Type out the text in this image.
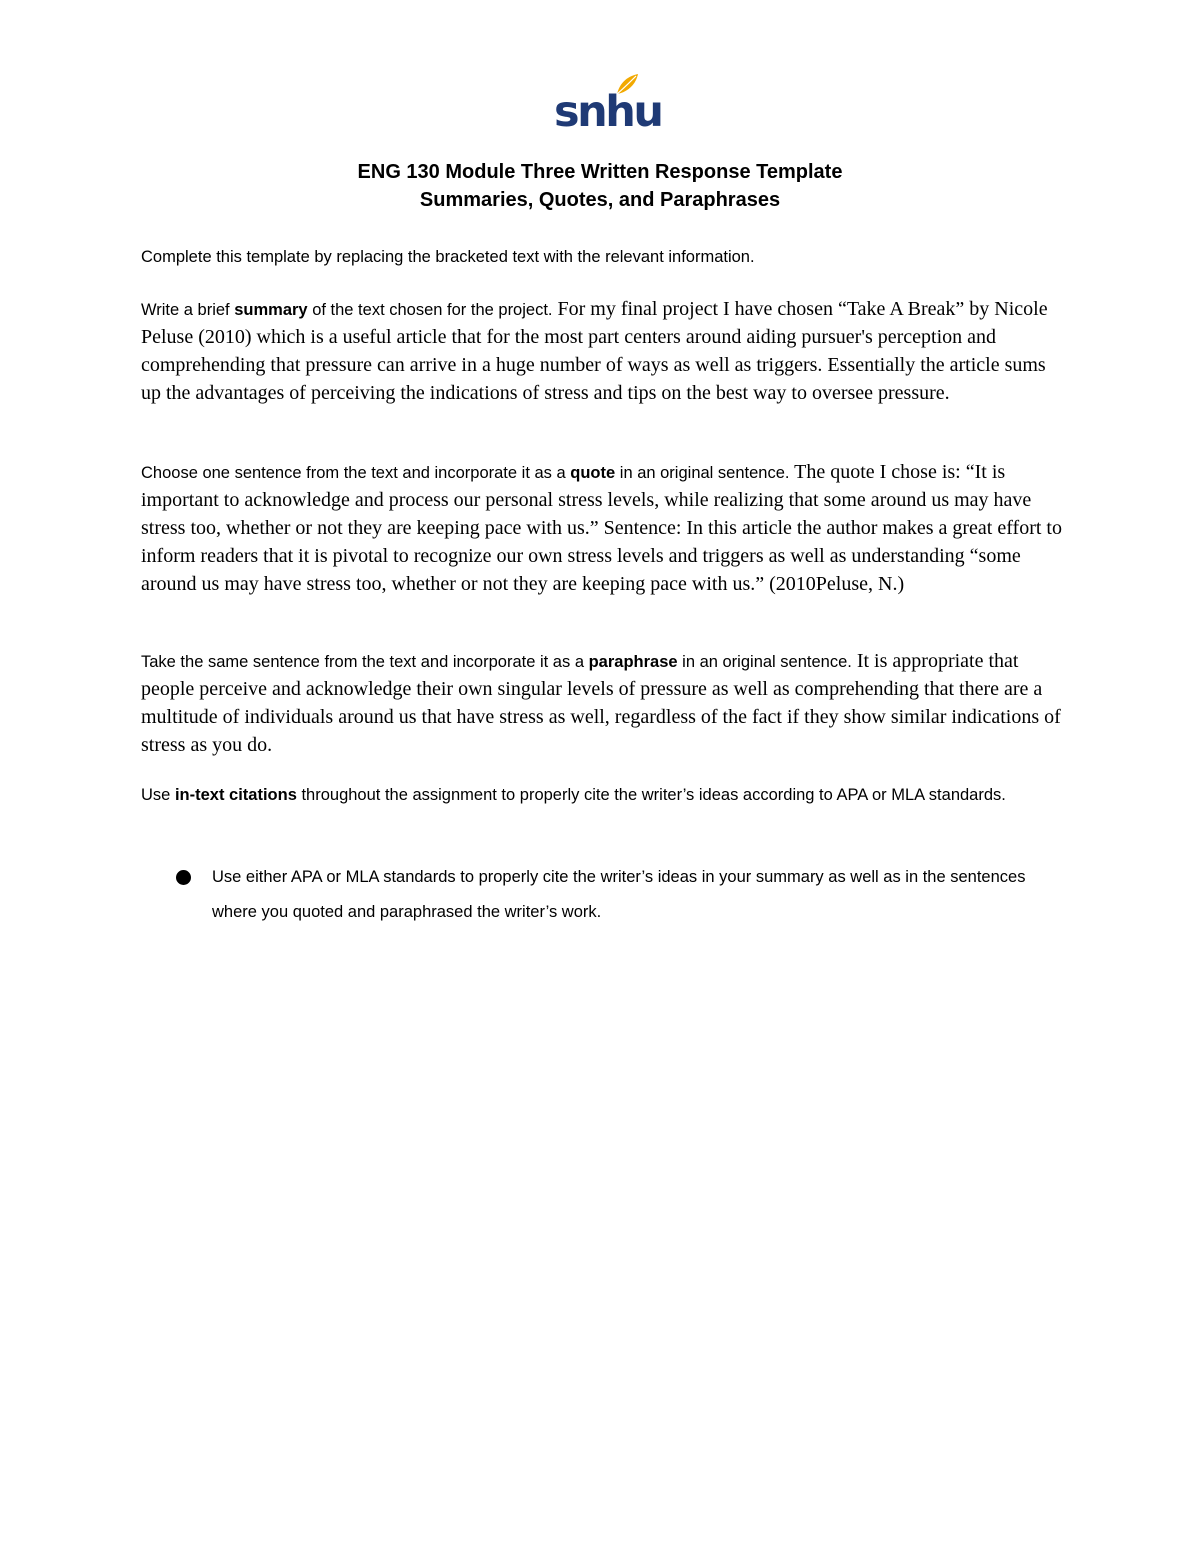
snhu
ENG 130 Module Three Written Response Template
Summaries, Quotes, and Paraphrases

Complete this template by replacing the bracketed text with the relevant information.

Write a brief summary of the text chosen for the project. For my final project I have chosen “Take A Break” by Nicole Peluse (2010) which is a useful article that for the most part centers around aiding pursuer's perception and comprehending that pressure can arrive in a huge number of ways as well as triggers. Essentially the article sums up the advantages of perceiving the indications of stress and tips on the best way to oversee pressure.

Choose one sentence from the text and incorporate it as a quote in an original sentence. The quote I chose is: “It is important to acknowledge and process our personal stress levels, while realizing that some around us may have stress too, whether or not they are keeping pace with us.” Sentence: In this article the author makes a great effort to inform readers that it is pivotal to recognize our own stress levels and triggers as well as understanding “some around us may have stress too, whether or not they are keeping pace with us.” (2010Peluse, N.)

Take the same sentence from the text and incorporate it as a paraphrase in an original sentence. It is appropriate that people perceive and acknowledge their own singular levels of pressure as well as comprehending that there are a multitude of individuals around us that have stress as well, regardless of the fact if they show similar indications of stress as you do.

Use in-text citations throughout the assignment to properly cite the writer’s ideas according to APA or MLA standards.

Use either APA or MLA standards to properly cite the writer’s ideas in your summary as well as in the sentences where you quoted and paraphrased the writer’s work.
